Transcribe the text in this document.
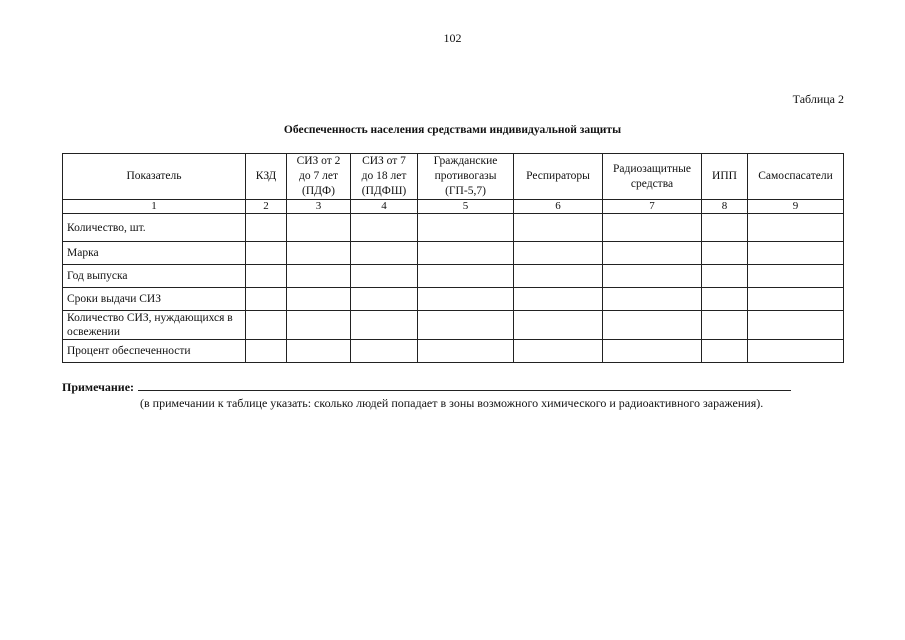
102
Таблица 2
Обеспеченность населения средствами индивидуальной защиты
Показатель	КЗД	СИЗ от 2 до 7 лет (ПДФ)	СИЗ от 7 до 18 лет (ПДФШ)	Гражданские противогазы (ГП-5,7)	Респираторы	Радиозащитные средства	ИПП	Самоспасатели
1	2	3	4	5	6	7	8	9
Количество, шт.								
Марка								
Год выпуска								
Сроки выдачи СИЗ								
Количество СИЗ, нуждающихся в освежении								
Процент обеспеченности								
Примечание:
(в примечании к таблице указать: сколько людей попадает в зоны возможного химического и радиоактивного заражения).
